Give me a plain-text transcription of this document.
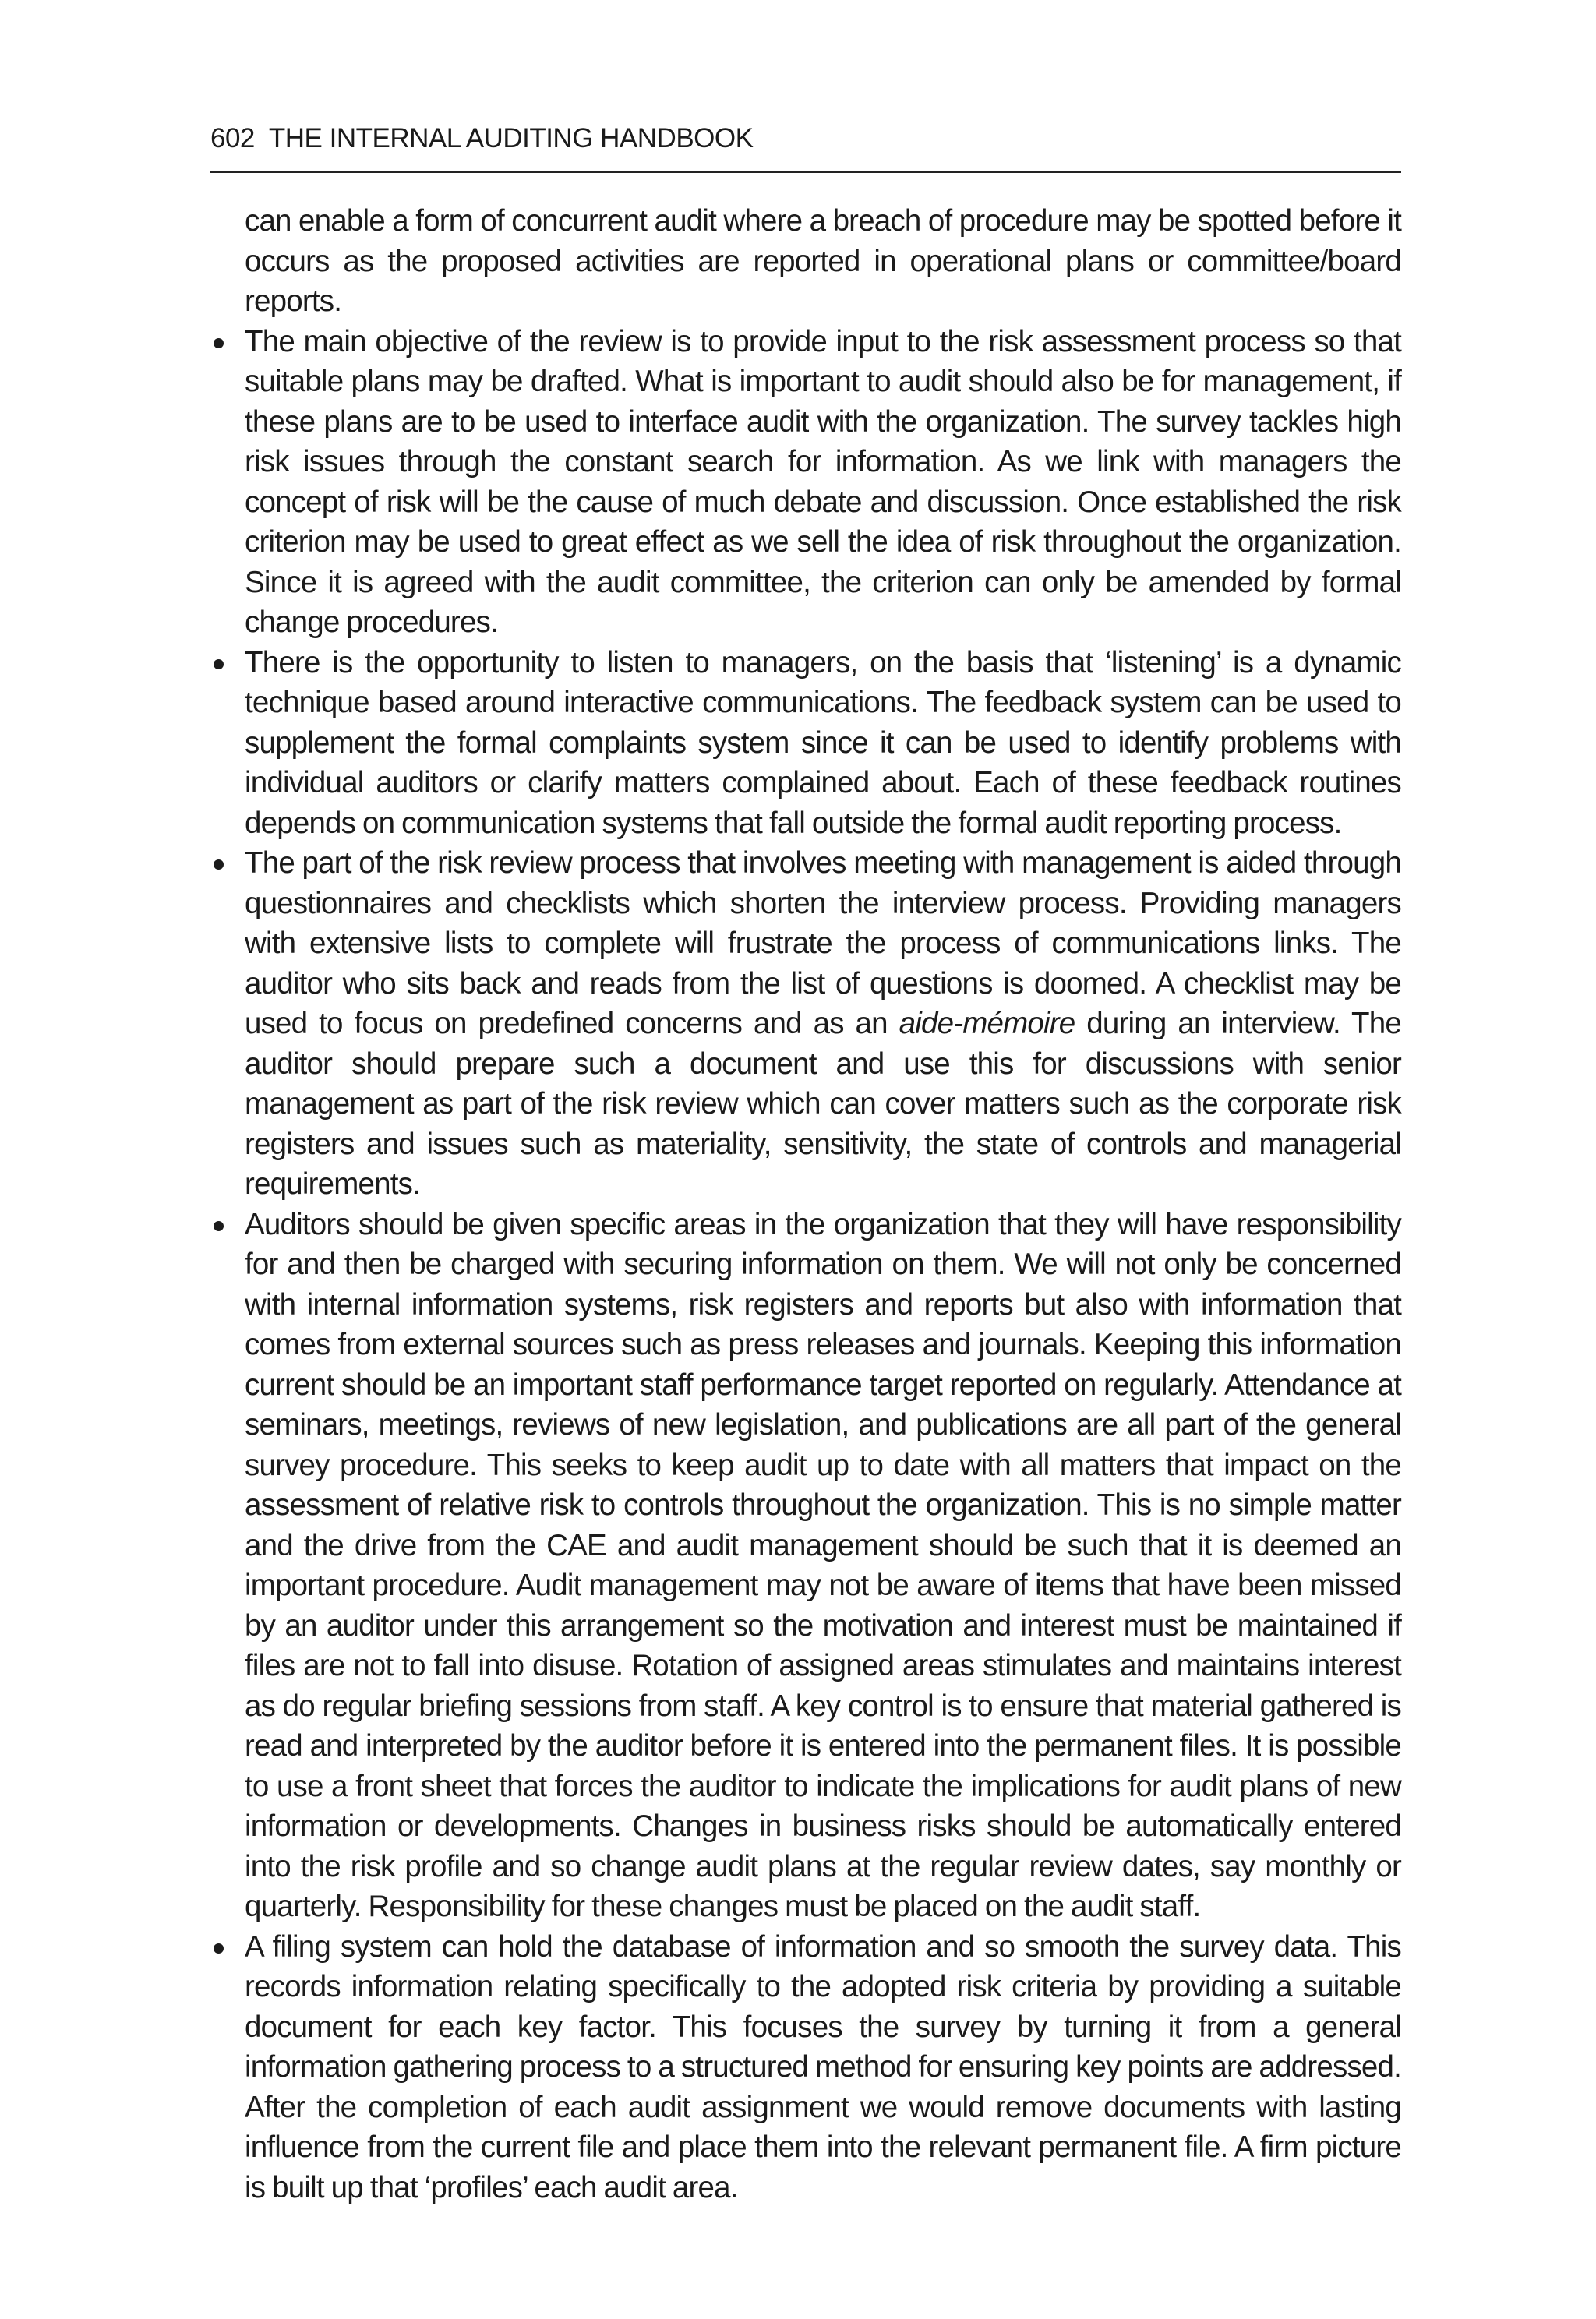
602 THE INTERNAL AUDITING HANDBOOK

can enable a form of concurrent audit where a breach of procedure may be spotted before it occurs as the proposed activities are reported in operational plans or committee/board reports.

The main objective of the review is to provide input to the risk assessment process so that suitable plans may be drafted. What is important to audit should also be for management, if these plans are to be used to interface audit with the organization. The survey tackles high risk issues through the constant search for information. As we link with managers the concept of risk will be the cause of much debate and discussion. Once established the risk criterion may be used to great effect as we sell the idea of risk throughout the organization. Since it is agreed with the audit committee, the criterion can only be amended by formal change procedures.

There is the opportunity to listen to managers, on the basis that ‘listening’ is a dynamic technique based around interactive communications. The feedback system can be used to supplement the formal complaints system since it can be used to identify problems with individual auditors or clarify matters complained about. Each of these feedback routines depends on communication systems that fall outside the formal audit reporting process.

The part of the risk review process that involves meeting with management is aided through questionnaires and checklists which shorten the interview process. Providing managers with extensive lists to complete will frustrate the process of communications links. The auditor who sits back and reads from the list of questions is doomed. A checklist may be used to focus on predefined concerns and as an aide-mémoire during an interview. The auditor should prepare such a document and use this for discussions with senior management as part of the risk review which can cover matters such as the corporate risk registers and issues such as materiality, sensitivity, the state of controls and managerial requirements.

Auditors should be given specific areas in the organization that they will have responsibility for and then be charged with securing information on them. We will not only be concerned with internal information systems, risk registers and reports but also with information that comes from external sources such as press releases and journals. Keeping this information current should be an important staff performance target reported on regularly. Attendance at seminars, meetings, reviews of new legislation, and publications are all part of the general survey procedure. This seeks to keep audit up to date with all matters that impact on the assessment of relative risk to controls throughout the organization. This is no simple matter and the drive from the CAE and audit management should be such that it is deemed an important procedure. Audit management may not be aware of items that have been missed by an auditor under this arrangement so the motivation and interest must be maintained if files are not to fall into disuse. Rotation of assigned areas stimulates and maintains interest as do regular briefing sessions from staff. A key control is to ensure that material gathered is read and interpreted by the auditor before it is entered into the permanent files. It is possible to use a front sheet that forces the auditor to indicate the implications for audit plans of new information or developments. Changes in business risks should be automatically entered into the risk profile and so change audit plans at the regular review dates, say monthly or quarterly. Responsibility for these changes must be placed on the audit staff.

A filing system can hold the database of information and so smooth the survey data. This records information relating specifically to the adopted risk criteria by providing a suitable document for each key factor. This focuses the survey by turning it from a general information gathering process to a structured method for ensuring key points are addressed. After the completion of each audit assignment we would remove documents with lasting influence from the current file and place them into the relevant permanent file. A firm picture is built up that ‘profiles’ each audit area.
